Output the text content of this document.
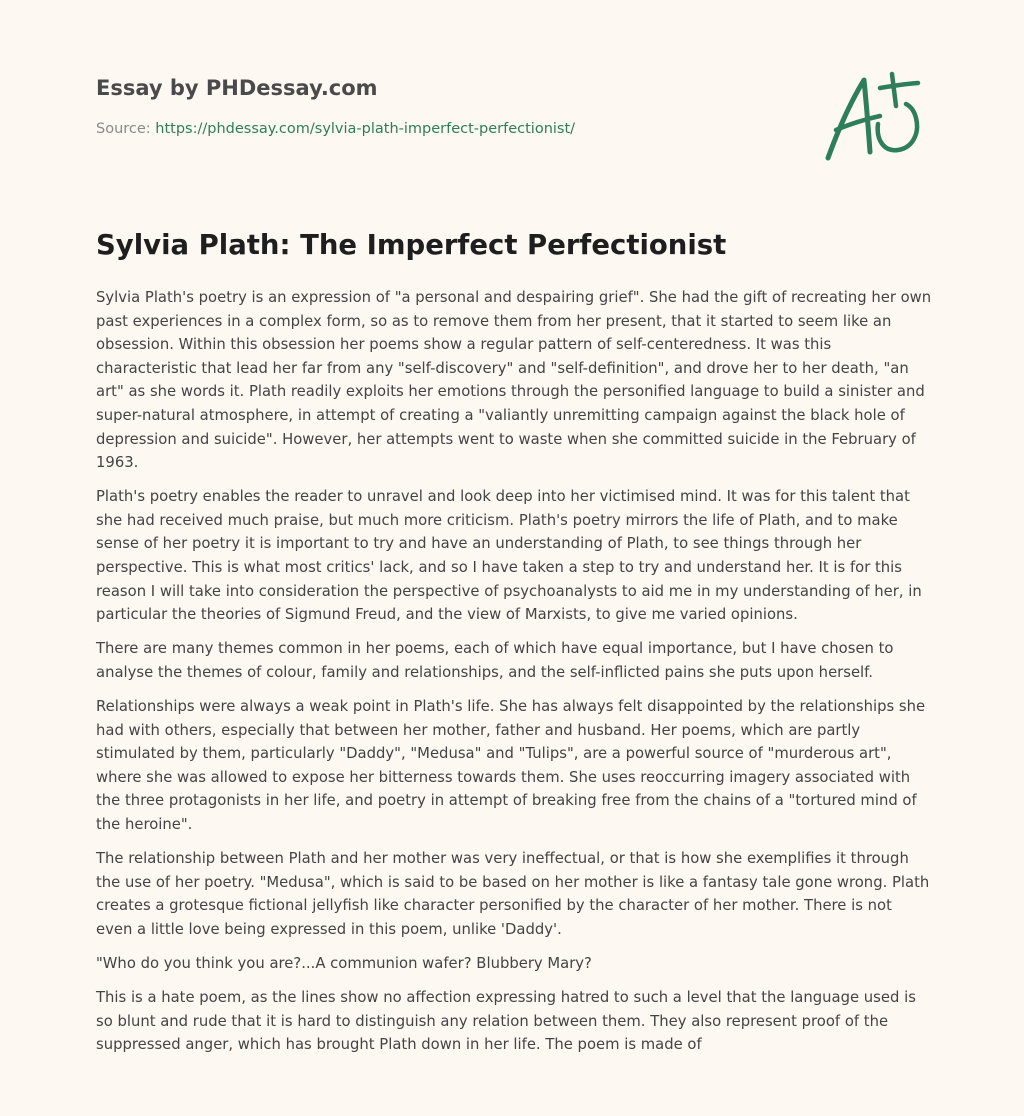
Essay by PHDessay.com
Source: https://phdessay.com/sylvia-plath-imperfect-perfectionist/
Sylvia Plath: The Imperfect Perfectionist

Sylvia Plath's poetry is an expression of "a personal and despairing grief". She had the gift of recreating her own past experiences in a complex form, so as to remove them from her present, that it started to seem like an obsession. Within this obsession her poems show a regular pattern of self-centeredness. It was this characteristic that lead her far from any "self-discovery" and "self-definition", and drove her to her death, "an art" as she words it. Plath readily exploits her emotions through the personified language to build a sinister and super-natural atmosphere, in attempt of creating a "valiantly unremitting campaign against the black hole of depression and suicide". However, her attempts went to waste when she committed suicide in the February of 1963.

Plath's poetry enables the reader to unravel and look deep into her victimised mind. It was for this talent that she had received much praise, but much more criticism. Plath's poetry mirrors the life of Plath, and to make sense of her poetry it is important to try and have an understanding of Plath, to see things through her perspective. This is what most critics' lack, and so I have taken a step to try and understand her. It is for this reason I will take into consideration the perspective of psychoanalysts to aid me in my understanding of her, in particular the theories of Sigmund Freud, and the view of Marxists, to give me varied opinions.

There are many themes common in her poems, each of which have equal importance, but I have chosen to analyse the themes of colour, family and relationships, and the self-inflicted pains she puts upon herself.

Relationships were always a weak point in Plath's life. She has always felt disappointed by the relationships she had with others, especially that between her mother, father and husband. Her poems, which are partly stimulated by them, particularly "Daddy", "Medusa" and "Tulips", are a powerful source of "murderous art", where she was allowed to expose her bitterness towards them. She uses reoccurring imagery associated with the three protagonists in her life, and poetry in attempt of breaking free from the chains of a "tortured mind of the heroine".

The relationship between Plath and her mother was very ineffectual, or that is how she exemplifies it through the use of her poetry. "Medusa", which is said to be based on her mother is like a fantasy tale gone wrong. Plath creates a grotesque fictional jellyfish like character personified by the character of her mother. There is not even a little love being expressed in this poem, unlike 'Daddy'.

"Who do you think you are?...A communion wafer? Blubbery Mary?

This is a hate poem, as the lines show no affection expressing hatred to such a level that the language used is so blunt and rude that it is hard to distinguish any relation between them. They also represent proof of the suppressed anger, which has brought Plath down in her life. The poem is made of
